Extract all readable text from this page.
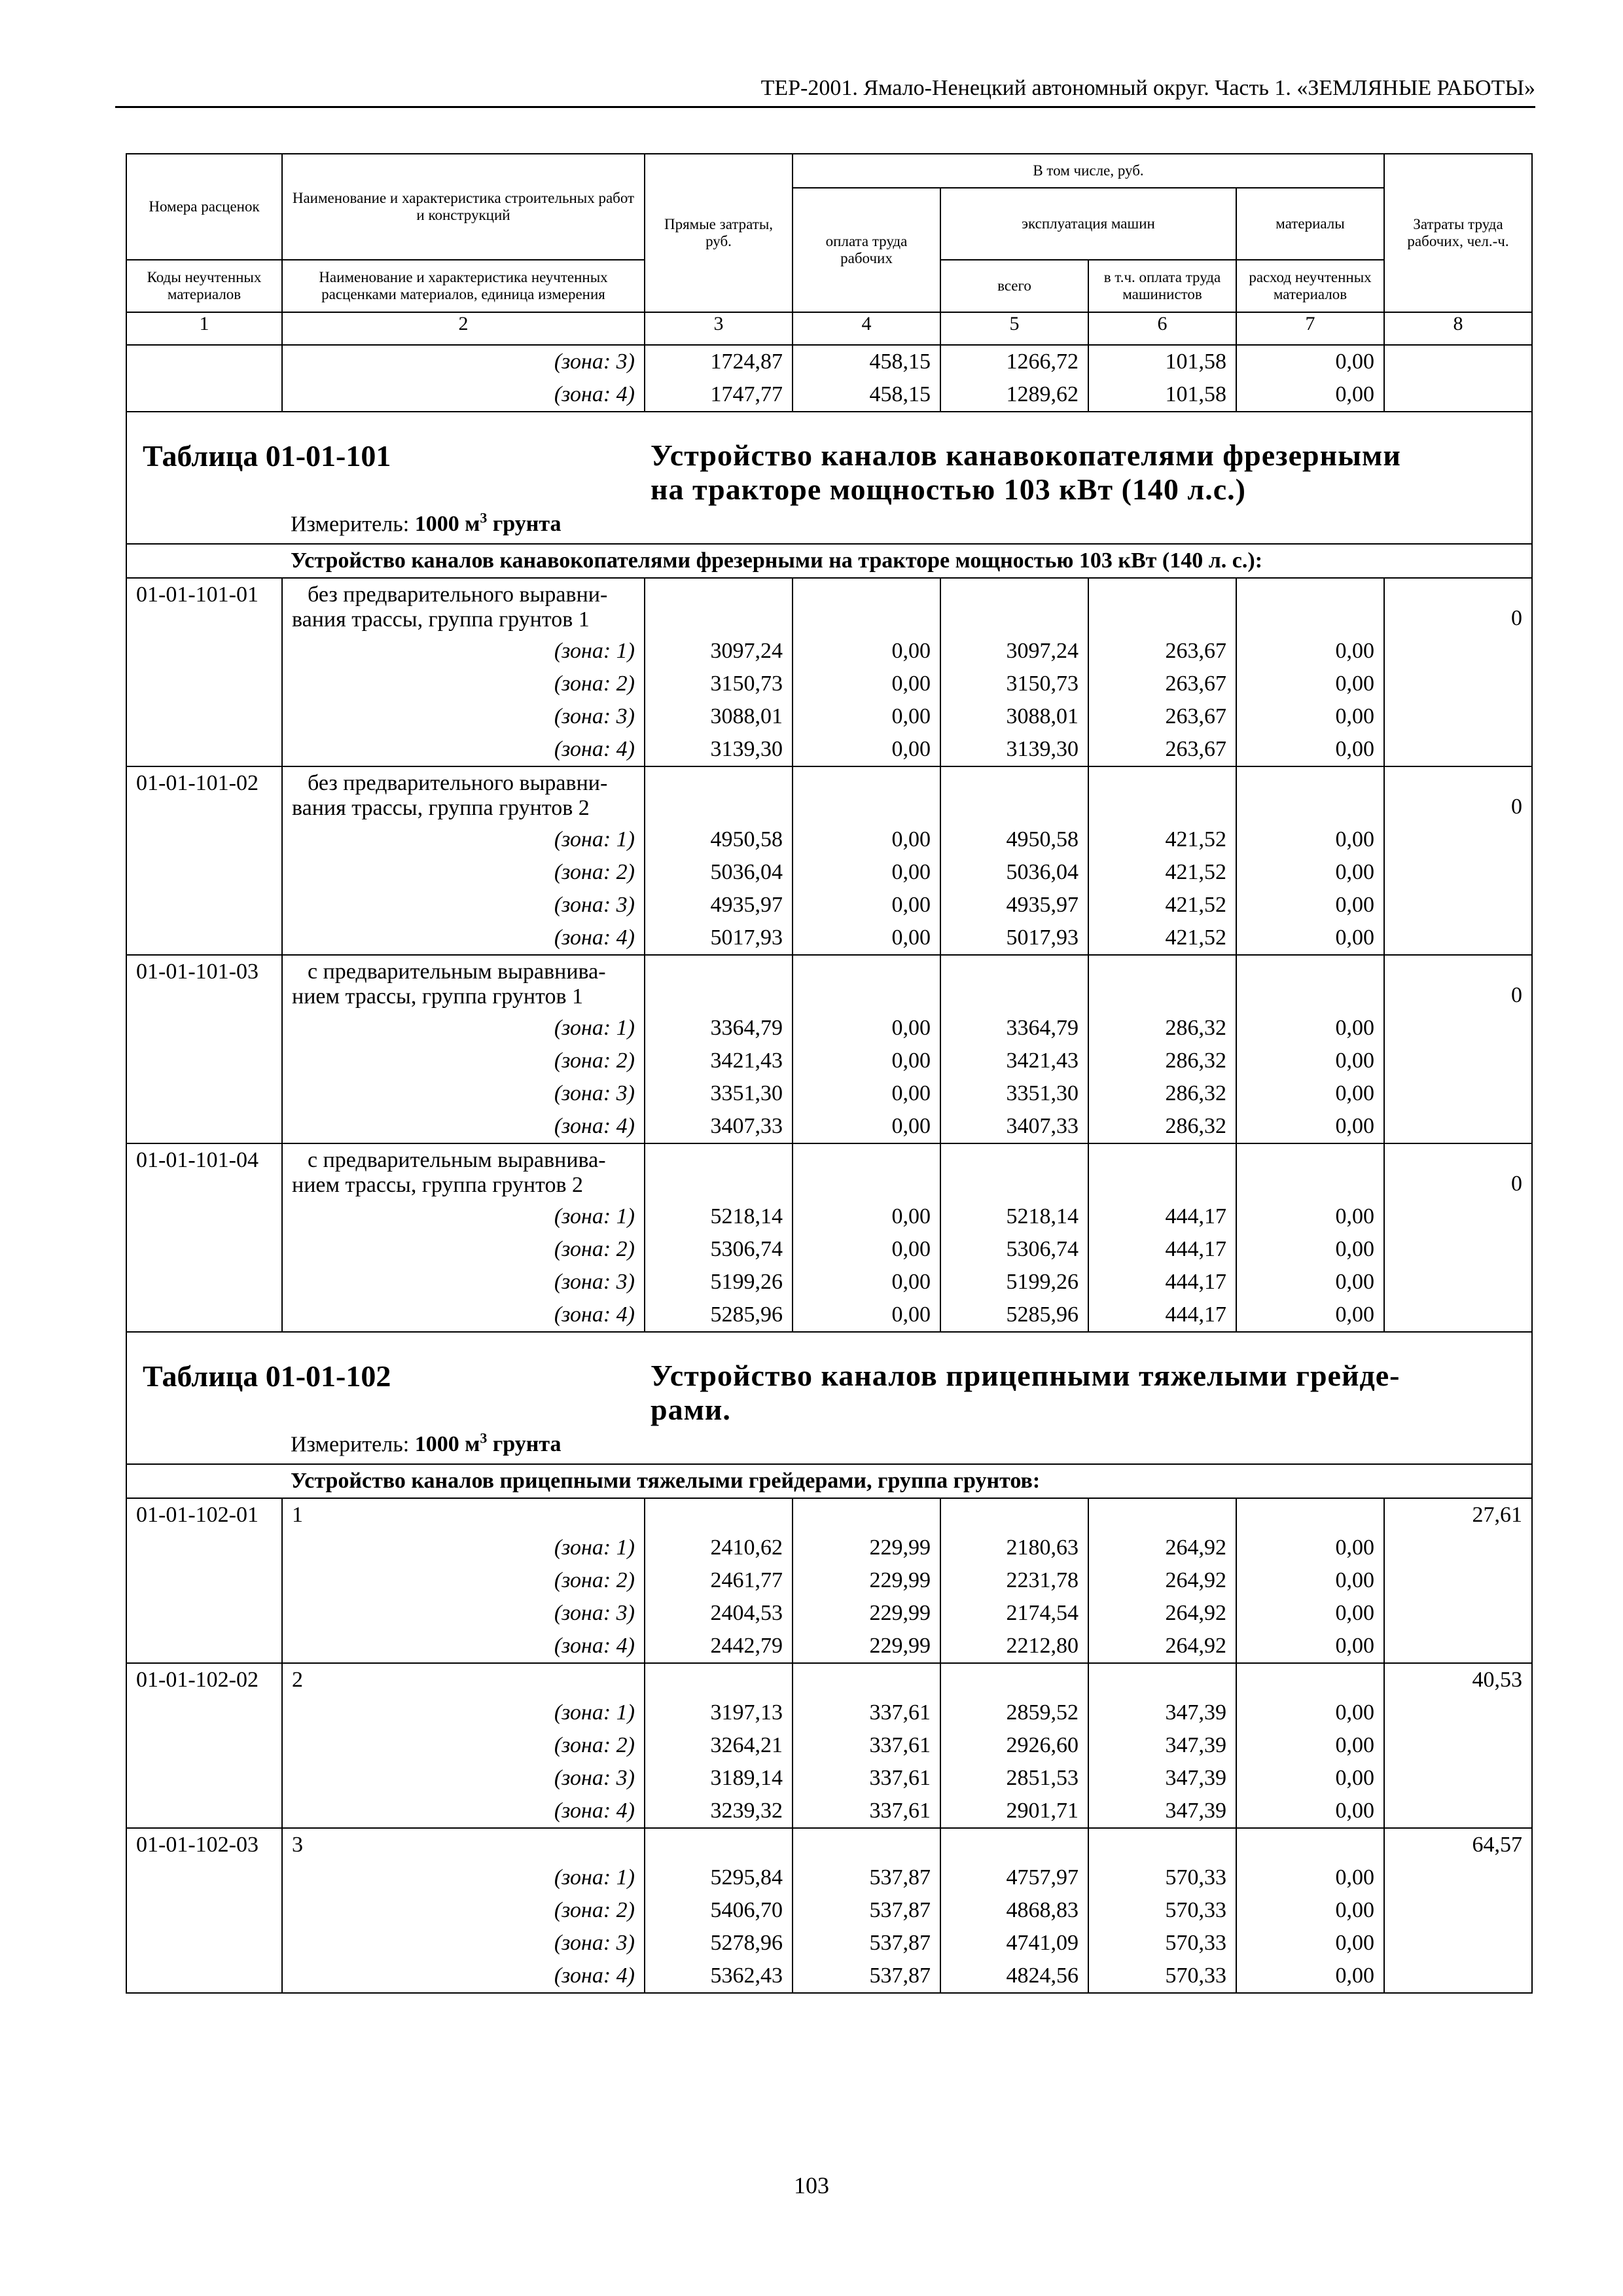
ТЕР-2001. Ямало-Ненецкий автономный округ. Часть 1. «ЗЕМЛЯНЫЕ РАБОТЫ»
Номера расценок	Наименование и характеристика строительных работ и конструкций	Прямые затраты, руб.	В том числе, руб.				Затраты труда рабочих, чел.-ч.
			оплата труда рабочих	эксплуатация машин		материалы	
Коды неучтенных материалов	Наименование и характеристика неучтенных расценками материалов, единица измерения			всего	в т.ч. оплата труда машинистов	расход неучтенных материалов	
1	2	3	4	5	6	7	8
	(зона: 3)	1724,87	458,15	1266,72	101,58	0,00	
	(зона: 4)	1747,77	458,15	1289,62	101,58	0,00	

Таблица 01-01-101 Устройство каналов канавокопателями фрезерными
на тракторе мощностью 103 кВт (140 л.с.)
Измеритель: 1000 $м^3$ грунта							

Устройство каналов канавокопателями фрезерными на тракторе мощностью 103 кВт (140 л. с.):							
01-01-101-01	без предварительного выравни-
вания трассы, группа грунтов 1						0
	(зона: 1)	3097,24	0,00	3097,24	263,67	0,00	
	(зона: 2)	3150,73	0,00	3150,73	263,67	0,00	
	(зона: 3)	3088,01	0,00	3088,01	263,67	0,00	
	(зона: 4)	3139,30	0,00	3139,30	263,67	0,00	
01-01-101-02	без предварительного выравни-
вания трассы, группа грунтов 2						0
	(зона: 1)	4950,58	0,00	4950,58	421,52	0,00	
	(зона: 2)	5036,04	0,00	5036,04	421,52	0,00	
	(зона: 3)	4935,97	0,00	4935,97	421,52	0,00	
	(зона: 4)	5017,93	0,00	5017,93	421,52	0,00	
01-01-101-03	с предварительным выравнива-
нием трассы, группа грунтов 1						0
	(зона: 1)	3364,79	0,00	3364,79	286,32	0,00	
	(зона: 2)	3421,43	0,00	3421,43	286,32	0,00	
	(зона: 3)	3351,30	0,00	3351,30	286,32	0,00	
	(зона: 4)	3407,33	0,00	3407,33	286,32	0,00	
01-01-101-04	с предварительным выравнива-
нием трассы, группа грунтов 2						0
	(зона: 1)	5218,14	0,00	5218,14	444,17	0,00	
	(зона: 2)	5306,74	0,00	5306,74	444,17	0,00	
	(зона: 3)	5199,26	0,00	5199,26	444,17	0,00	
	(зона: 4)	5285,96	0,00	5285,96	444,17	0,00	

Таблица 01-01-102 Устройство каналов прицепными тяжелыми грейде-
рами.
Измеритель: 1000 $м^3$ грунта							

Устройство каналов прицепными тяжелыми грейдерами, группа грунтов:							
01-01-102-01	1						27,61
	(зона: 1)	2410,62	229,99	2180,63	264,92	0,00	
	(зона: 2)	2461,77	229,99	2231,78	264,92	0,00	
	(зона: 3)	2404,53	229,99	2174,54	264,92	0,00	
	(зона: 4)	2442,79	229,99	2212,80	264,92	0,00	
01-01-102-02	2						40,53
	(зона: 1)	3197,13	337,61	2859,52	347,39	0,00	
	(зона: 2)	3264,21	337,61	2926,60	347,39	0,00	
	(зона: 3)	3189,14	337,61	2851,53	347,39	0,00	
	(зона: 4)	3239,32	337,61	2901,71	347,39	0,00	
01-01-102-03	3						64,57
	(зона: 1)	5295,84	537,87	4757,97	570,33	0,00	
	(зона: 2)	5406,70	537,87	4868,83	570,33	0,00	
	(зона: 3)	5278,96	537,87	4741,09	570,33	0,00	
	(зона: 4)	5362,43	537,87	4824,56	570,33	0,00	
103
